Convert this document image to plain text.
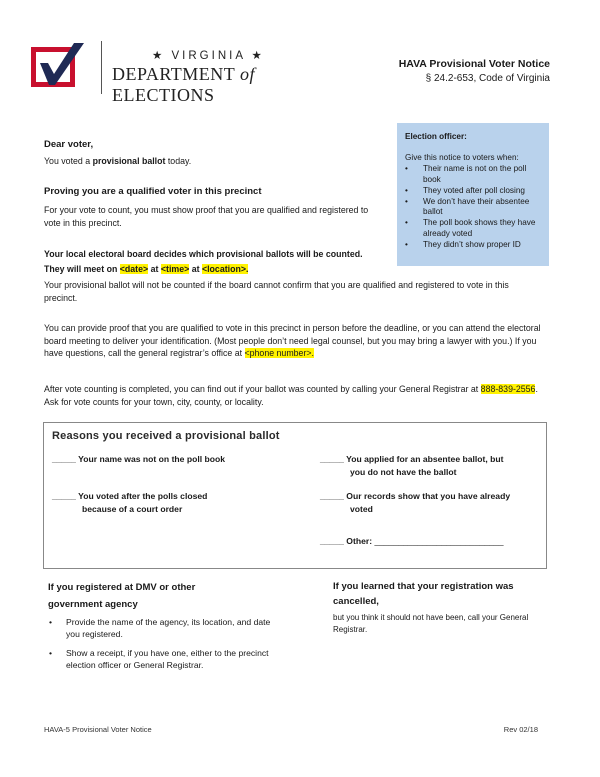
★ VIRGINIA ★
DEPARTMENT of ELECTIONS
HAVA Provisional Voter Notice
§ 24.2-653, Code of Virginia
Election officer:
Give this notice to voters when:
• Their name is not on the poll book
• They voted after poll closing
• We don’t have their absentee ballot
• The poll book shows they have already voted
• They didn’t show proper ID
Dear voter,
You voted a provisional ballot today.
Proving you are a qualified voter in this precinct
For your vote to count, you must show proof that you are qualified and registered to vote in this precinct.
Your local electoral board decides which provisional ballots will be counted.
They will meet on <date> at <time> at <location>.
Your provisional ballot will not be counted if the board cannot confirm that you are qualified and registered to vote in this precinct.
You can provide proof that you are qualified to vote in this precinct in person before the deadline, or you can attend the electoral board meeting to deliver your identification. (Most people don’t need legal counsel, but you may bring a lawyer with you.) If you have questions, call the general registrar’s office at <phone number>.
After vote counting is completed, you can find out if your ballot was counted by calling your General Registrar at 888-839-2556. Ask for vote counts for your town, city, county, or locality.
Reasons you received a provisional ballot
_____ Your name was not on the poll book
_____ You voted after the polls closed
because of a court order
_____ You applied for an absentee ballot, but
you do not have the ballot
_____ Our records show that you have already
voted
_____ Other: ___________________________
If you registered at DMV or other
government agency
• Provide the name of the agency, its location, and date you registered.
• Show a receipt, if you have one, either to the precinct election officer or General Registrar.
If you learned that your registration was
cancelled,
but you think it should not have been, call your General Registrar.
HAVA-5 Provisional Voter Notice	Rev 02/18
